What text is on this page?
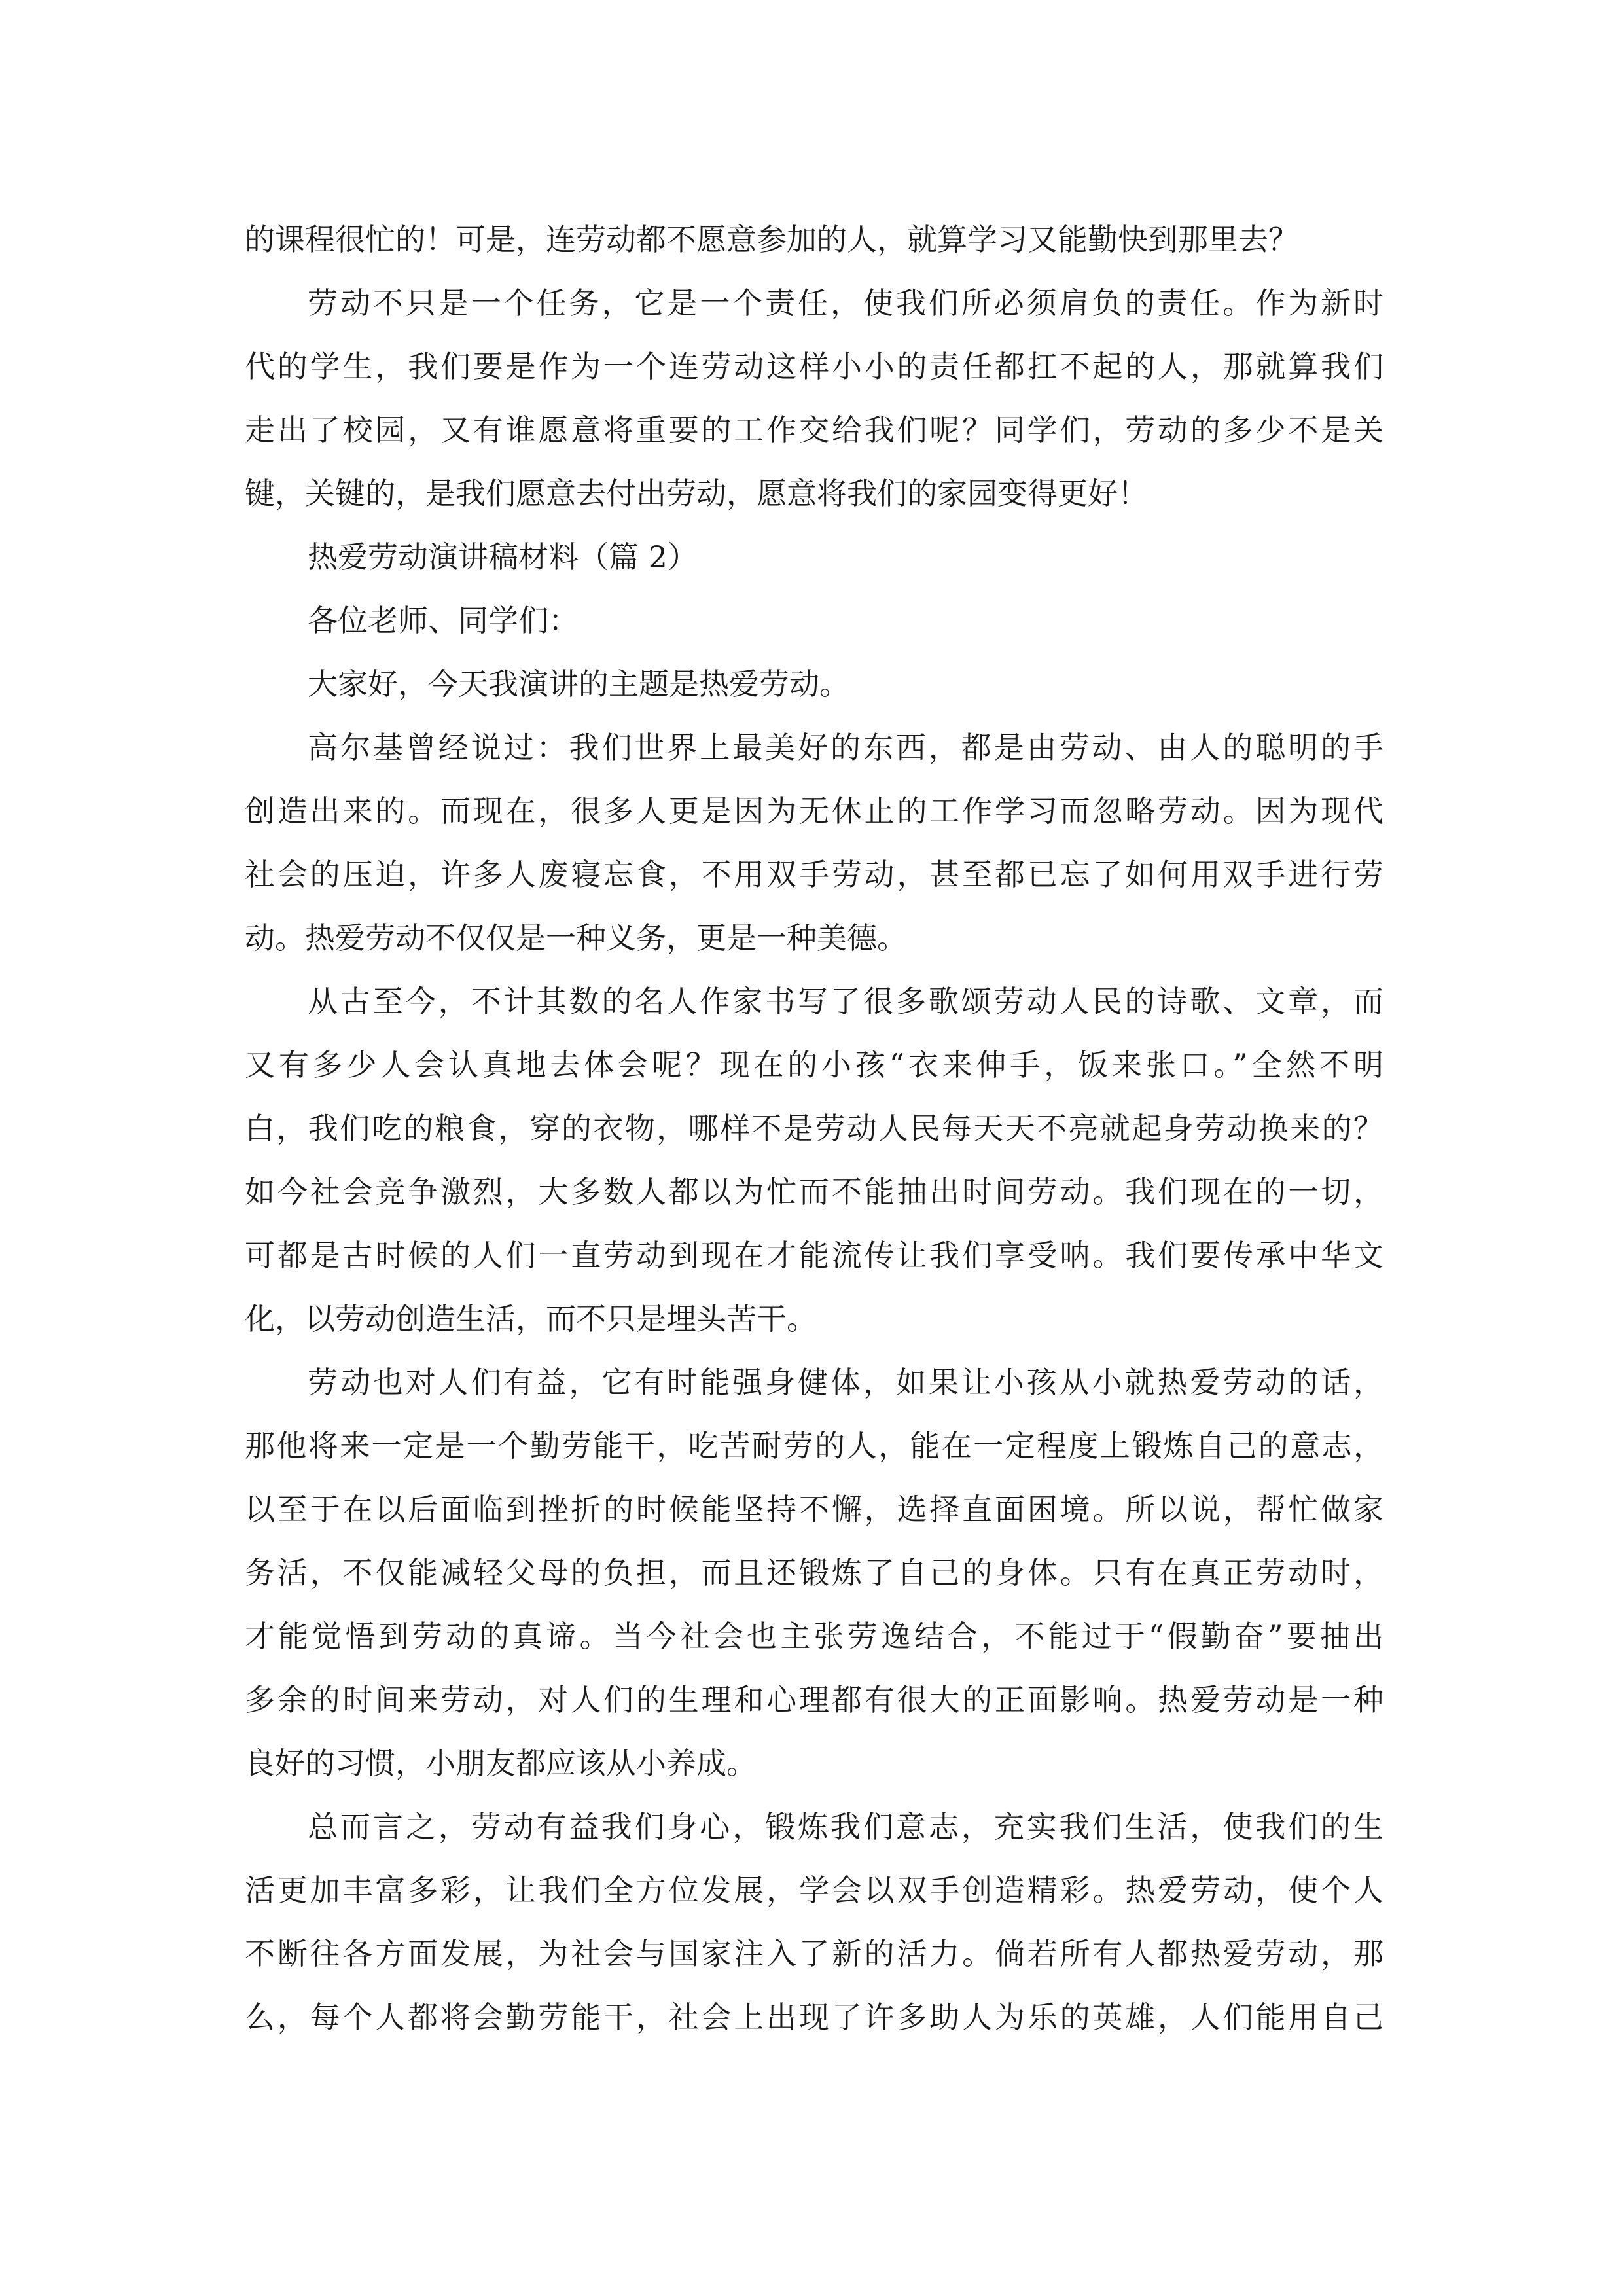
的课程很忙的！可是，连劳动都不愿意参加的人，就算学习又能勤快到那里去？
劳动不只是一个任务，它是一个责任，使我们所必须肩负的责任。作为新时
代的学生，我们要是作为一个连劳动这样小小的责任都扛不起的人，那就算我们
走出了校园，又有谁愿意将重要的工作交给我们呢？同学们，劳动的多少不是关
键，关键的，是我们愿意去付出劳动，愿意将我们的家园变得更好！
热爱劳动演讲稿材料（篇 2）
各位老师、同学们：
大家好，今天我演讲的主题是热爱劳动。
高尔基曾经说过：我们世界上最美好的东西，都是由劳动、由人的聪明的手
创造出来的。而现在，很多人更是因为无休止的工作学习而忽略劳动。因为现代
社会的压迫，许多人废寝忘食，不用双手劳动，甚至都已忘了如何用双手进行劳
动。热爱劳动不仅仅是一种义务，更是一种美德。
从古至今，不计其数的名人作家书写了很多歌颂劳动人民的诗歌、文章，而
又有多少人会认真地去体会呢？现在的小孩“衣来伸手，饭来张口。”全然不明
白，我们吃的粮食，穿的衣物，哪样不是劳动人民每天天不亮就起身劳动换来的？
如今社会竞争激烈，大多数人都以为忙而不能抽出时间劳动。我们现在的一切，
可都是古时候的人们一直劳动到现在才能流传让我们享受呐。我们要传承中华文
化，以劳动创造生活，而不只是埋头苦干。
劳动也对人们有益，它有时能强身健体，如果让小孩从小就热爱劳动的话，
那他将来一定是一个勤劳能干，吃苦耐劳的人，能在一定程度上锻炼自己的意志，
以至于在以后面临到挫折的时候能坚持不懈，选择直面困境。所以说，帮忙做家
务活，不仅能减轻父母的负担，而且还锻炼了自己的身体。只有在真正劳动时，
才能觉悟到劳动的真谛。当今社会也主张劳逸结合，不能过于“假勤奋”要抽出
多余的时间来劳动，对人们的生理和心理都有很大的正面影响。热爱劳动是一种
良好的习惯，小朋友都应该从小养成。
总而言之，劳动有益我们身心，锻炼我们意志，充实我们生活，使我们的生
活更加丰富多彩，让我们全方位发展，学会以双手创造精彩。热爱劳动，使个人
不断往各方面发展，为社会与国家注入了新的活力。倘若所有人都热爱劳动，那
么，每个人都将会勤劳能干，社会上出现了许多助人为乐的英雄，人们能用自己
